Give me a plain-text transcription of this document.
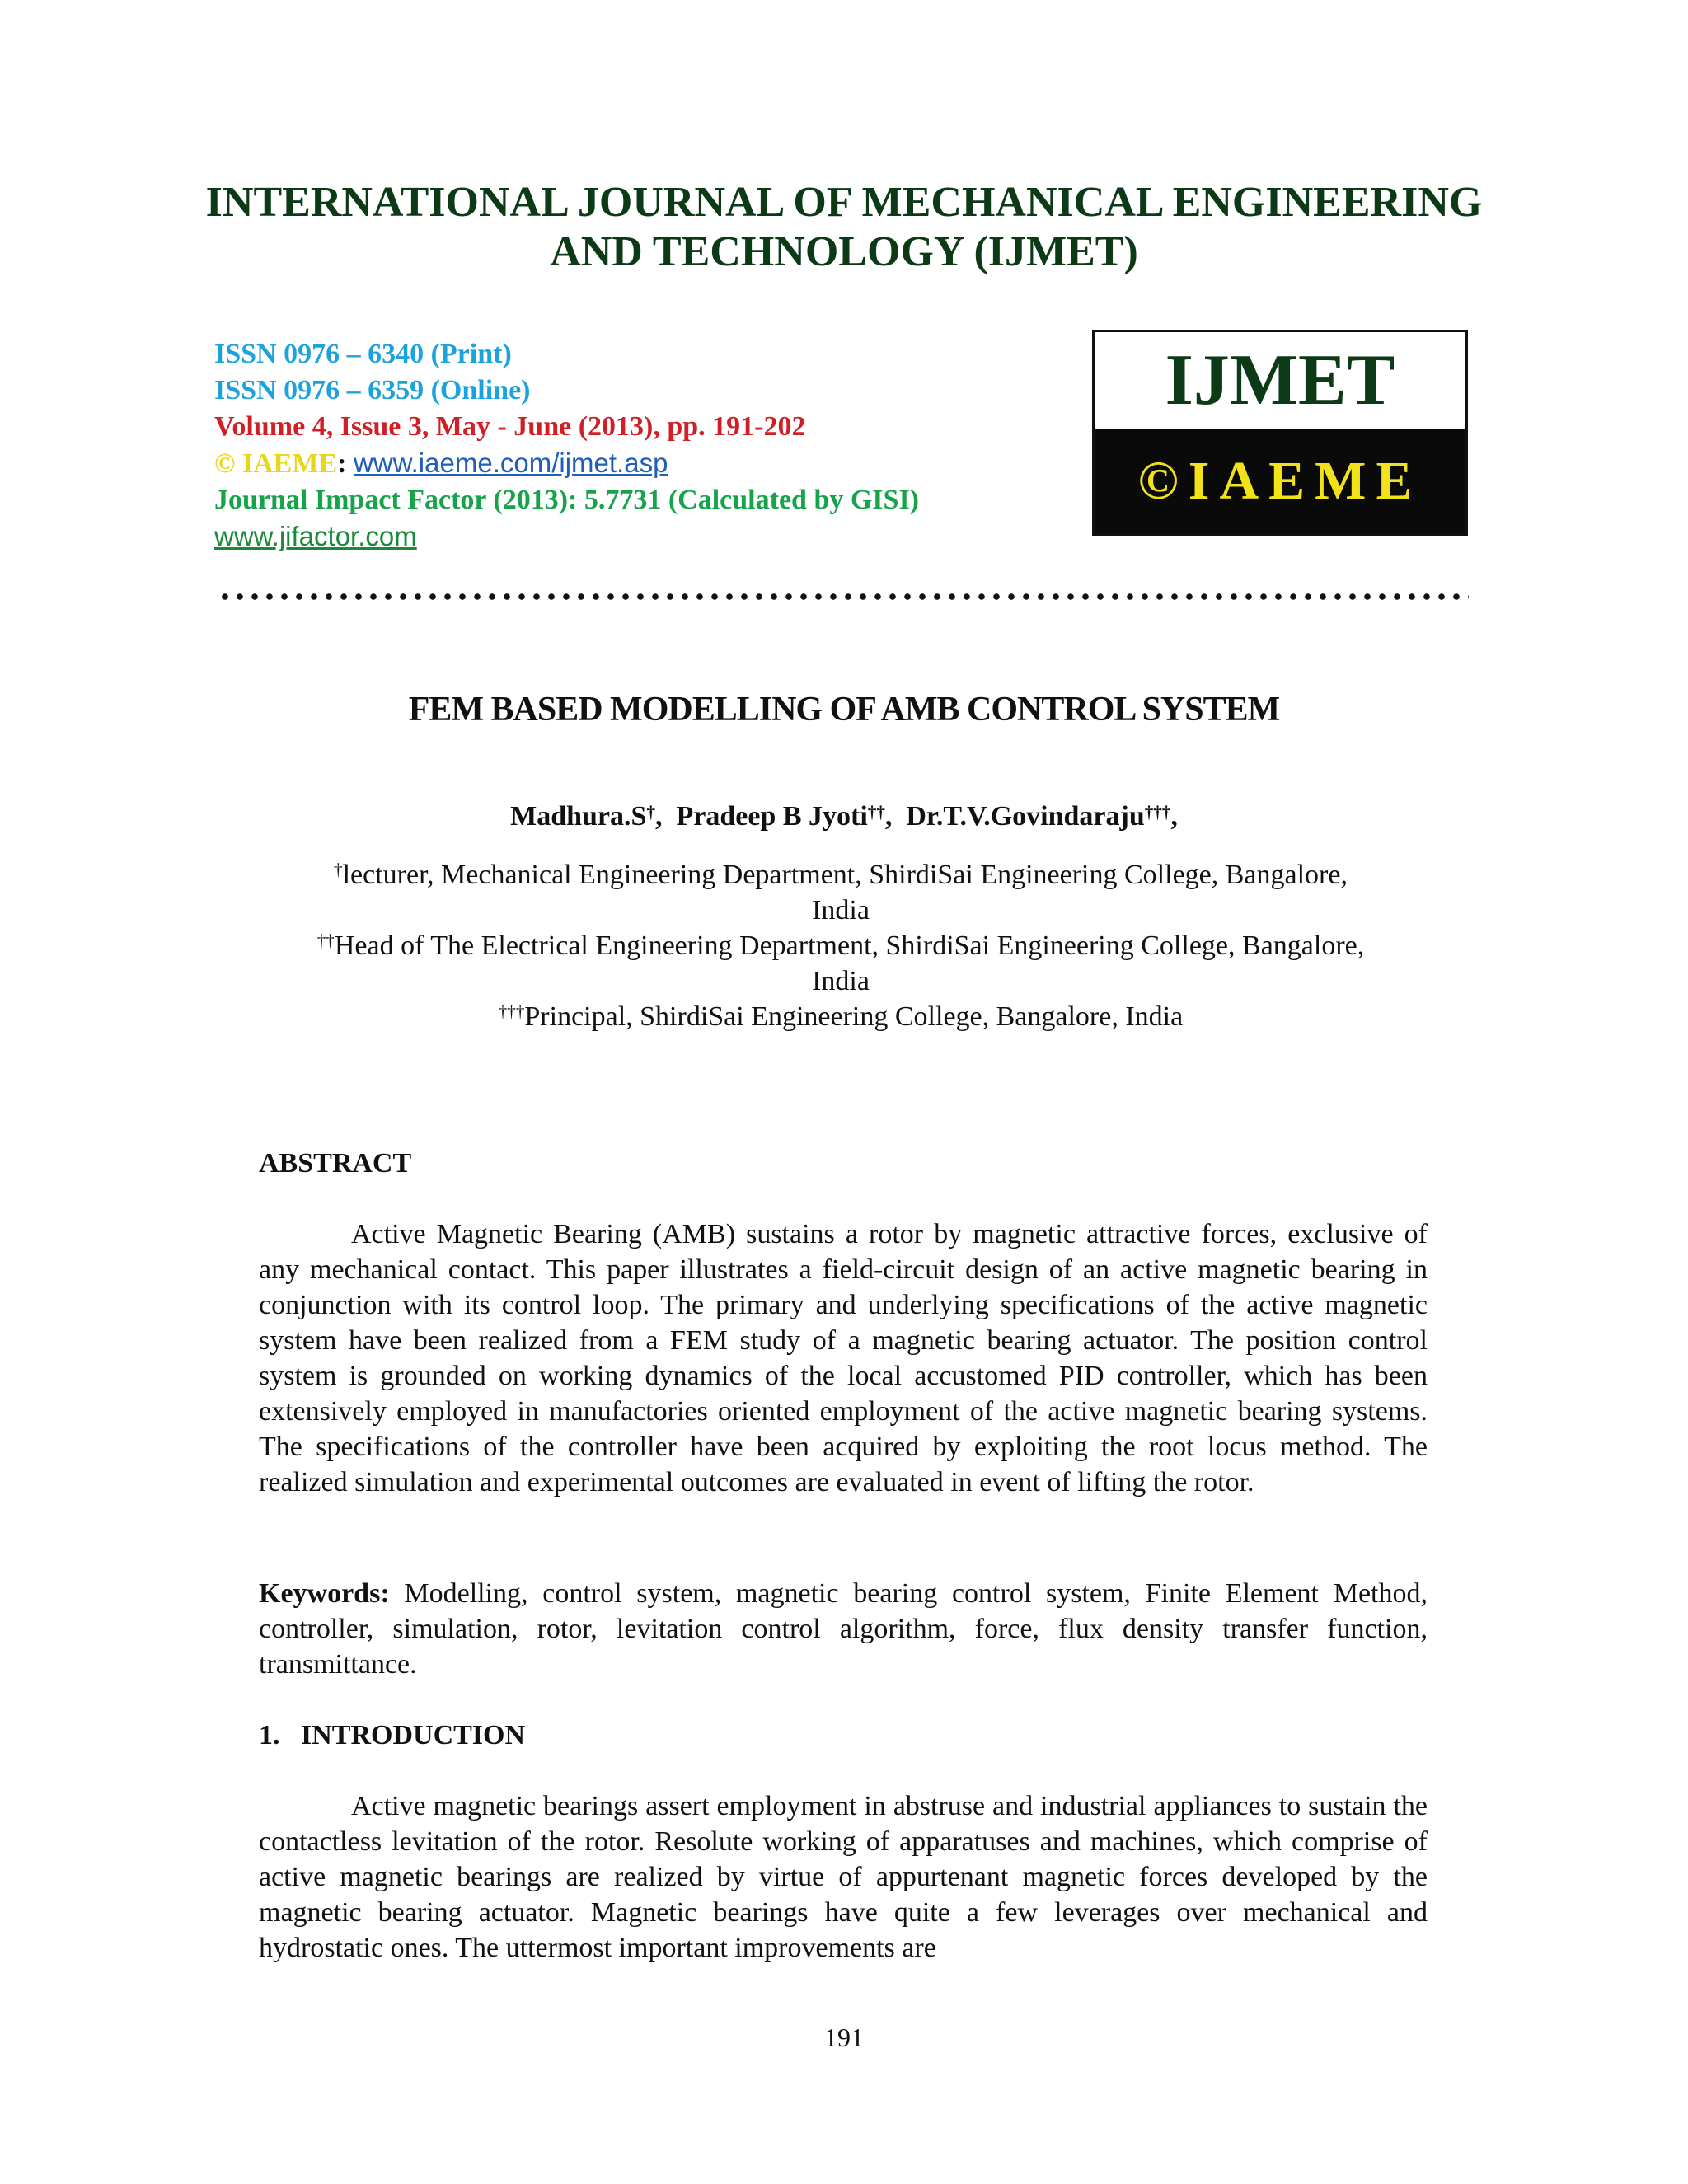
INTERNATIONAL JOURNAL OF MECHANICAL ENGINEERING
AND TECHNOLOGY (IJMET)
ISSN 0976 – 6340 (Print)
ISSN 0976 – 6359 (Online)
Volume 4, Issue 3, May - June (2013), pp. 191-202
© IAEME: www.iaeme.com/ijmet.asp
Journal Impact Factor (2013): 5.7731 (Calculated by GISI)
www.jifactor.com
IJMET
©IAEME
FEM BASED MODELLING OF AMB CONTROL SYSTEM
Madhura.S†,  Pradeep B Jyoti††,  Dr.T.V.Govindaraju†††,
†lecturer, Mechanical Engineering Department, ShirdiSai Engineering College, Bangalore,
India
††Head of The Electrical Engineering Department, ShirdiSai Engineering College, Bangalore,
India
†††Principal, ShirdiSai Engineering College, Bangalore, India
ABSTRACT
Active Magnetic Bearing (AMB) sustains a rotor by magnetic attractive forces, exclusive of any mechanical contact. This paper illustrates a field-circuit design of an active magnetic bearing in conjunction with its control loop. The primary and underlying specifications of the active magnetic system have been realized from a FEM study of a magnetic bearing actuator. The position control system is grounded on working dynamics of the local accustomed PID controller, which has been extensively employed in manufactories oriented employment of the active magnetic bearing systems. The specifications of the controller have been acquired by exploiting the root locus method. The realized simulation and experimental outcomes are evaluated in event of lifting the rotor.
Keywords: Modelling, control system, magnetic bearing control system, Finite Element Method, controller, simulation, rotor, levitation control algorithm, force, flux density transfer function, transmittance.
1.   INTRODUCTION
Active magnetic bearings assert employment in abstruse and industrial appliances to sustain the contactless levitation of the rotor. Resolute working of apparatuses and machines, which comprise of active magnetic bearings are realized by virtue of appurtenant magnetic forces developed by the magnetic bearing actuator. Magnetic bearings have quite a few leverages over mechanical and hydrostatic ones. The uttermost important improvements are
191
